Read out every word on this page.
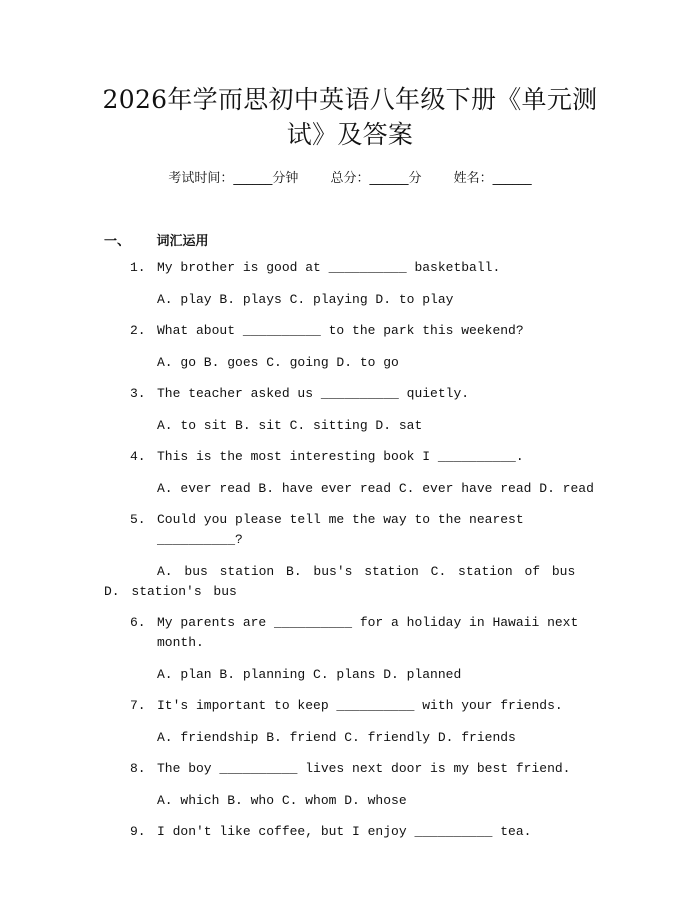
2026年学而思初中英语八年级下册《单元测
试》及答案
考试时间：______分钟 总分：______分 姓名：______
一、 词汇运用
1. My brother is good at __________ basketball.
A. play B. plays C. playing D. to play
2. What about __________ to the park this weekend?
A. go B. goes C. going D. to go
3. The teacher asked us __________ quietly.
A. to sit B. sit C. sitting D. sat
4. This is the most interesting book I __________.
A. ever read B. have ever read C. ever have read D. read
5. Could you please tell me the way to the nearest __________?
A. bus station B. bus's station C. station of bus D. station's bus
6. My parents are __________ for a holiday in Hawaii next month.
A. plan B. planning C. plans D. planned
7. It's important to keep __________ with your friends.
A. friendship B. friend C. friendly D. friends
8. The boy __________ lives next door is my best friend.
A. which B. who C. whom D. whose
9. I don't like coffee, but I enjoy __________ tea.
